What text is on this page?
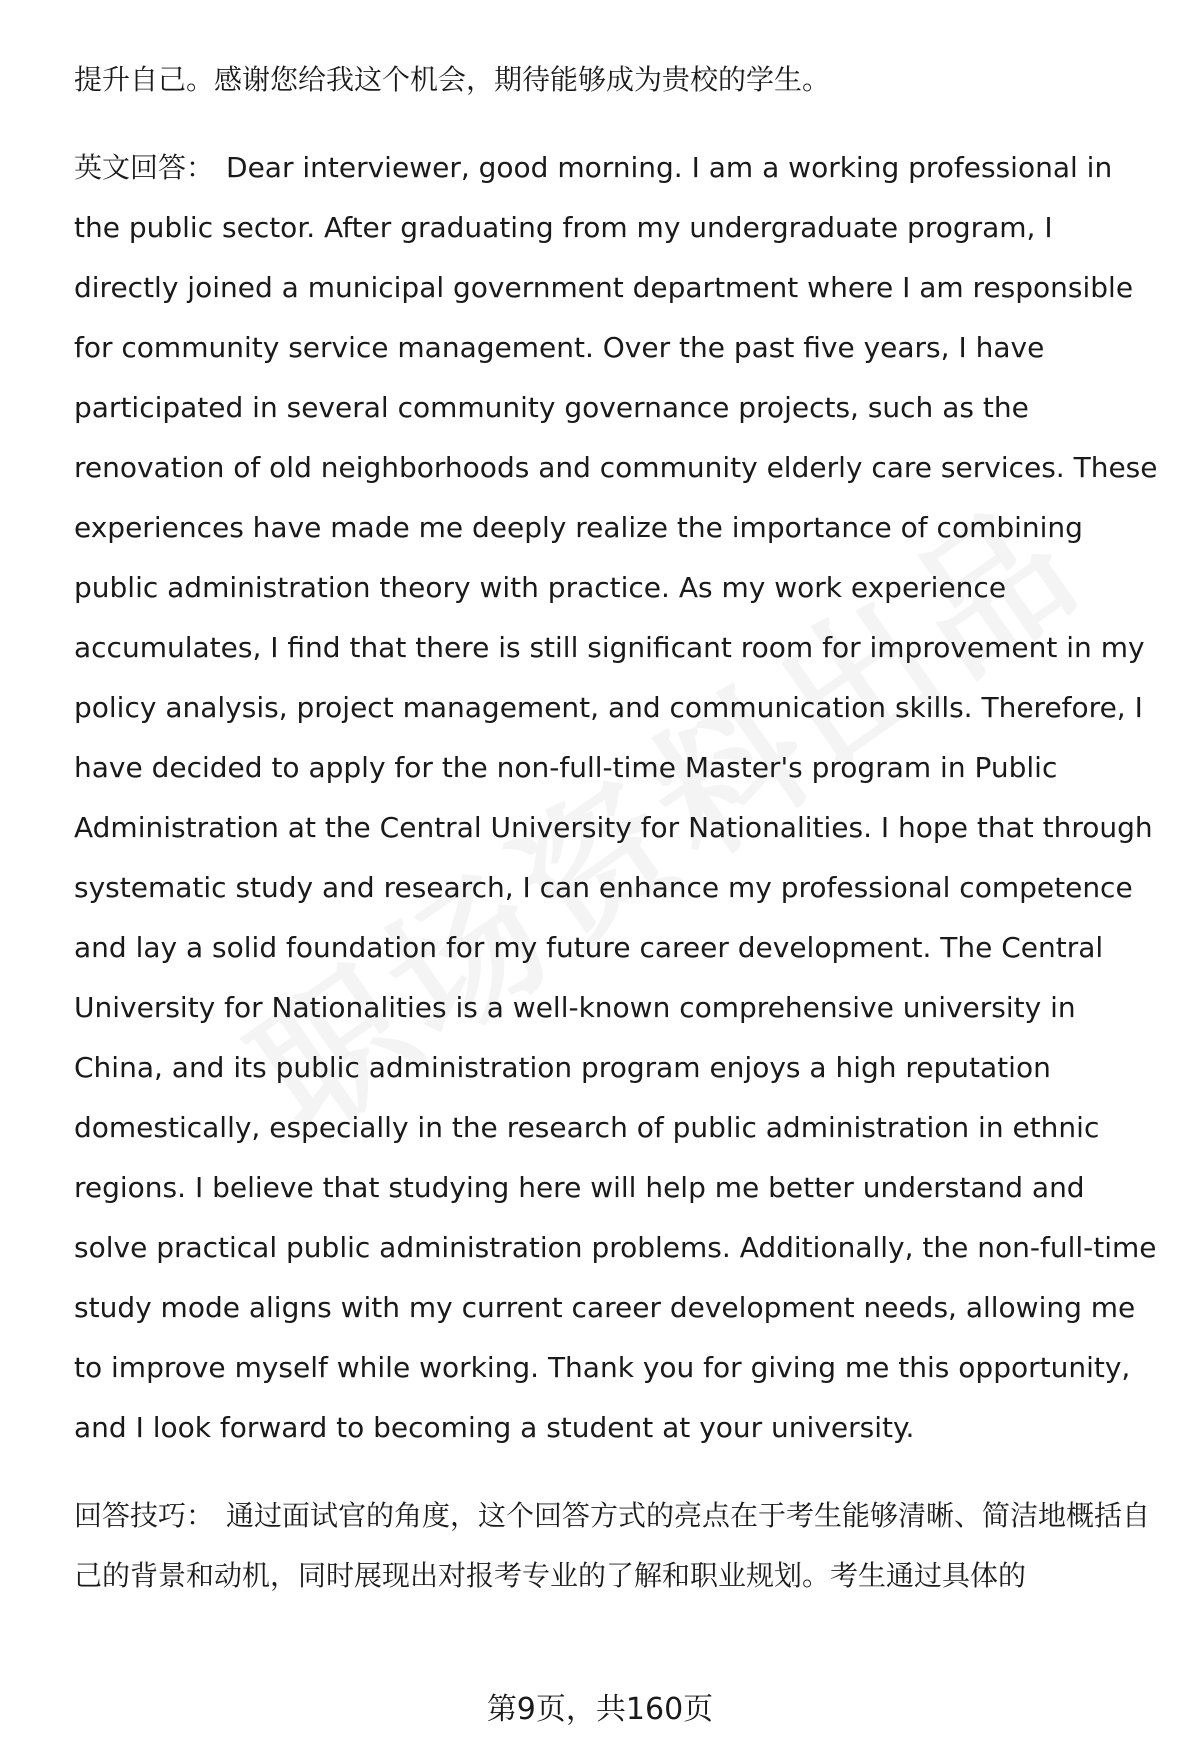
提升自己。感谢您给我这个机会，期待能够成为贵校的学生。

英文回答： Dear interviewer, good morning. I am a working professional in the public sector. After graduating from my undergraduate program, I directly joined a municipal government department where I am responsible for community service management. Over the past five years, I have participated in several community governance projects, such as the renovation of old neighborhoods and community elderly care services. These experiences have made me deeply realize the importance of combining public administration theory with practice. As my work experience accumulates, I find that there is still significant room for improvement in my policy analysis, project management, and communication skills. Therefore, I have decided to apply for the non-full-time Master's program in Public Administration at the Central University for Nationalities. I hope that through systematic study and research, I can enhance my professional competence and lay a solid foundation for my future career development. The Central University for Nationalities is a well-known comprehensive university in China, and its public administration program enjoys a high reputation domestically, especially in the research of public administration in ethnic regions. I believe that studying here will help me better understand and solve practical public administration problems. Additionally, the non-full-time study mode aligns with my current career development needs, allowing me to improve myself while working. Thank you for giving me this opportunity, and I look forward to becoming a student at your university.

回答技巧： 通过面试官的角度，这个回答方式的亮点在于考生能够清晰、简洁地概括自己的背景和动机，同时展现出对报考专业的了解和职业规划。考生通过具体的

第9页，共160页
